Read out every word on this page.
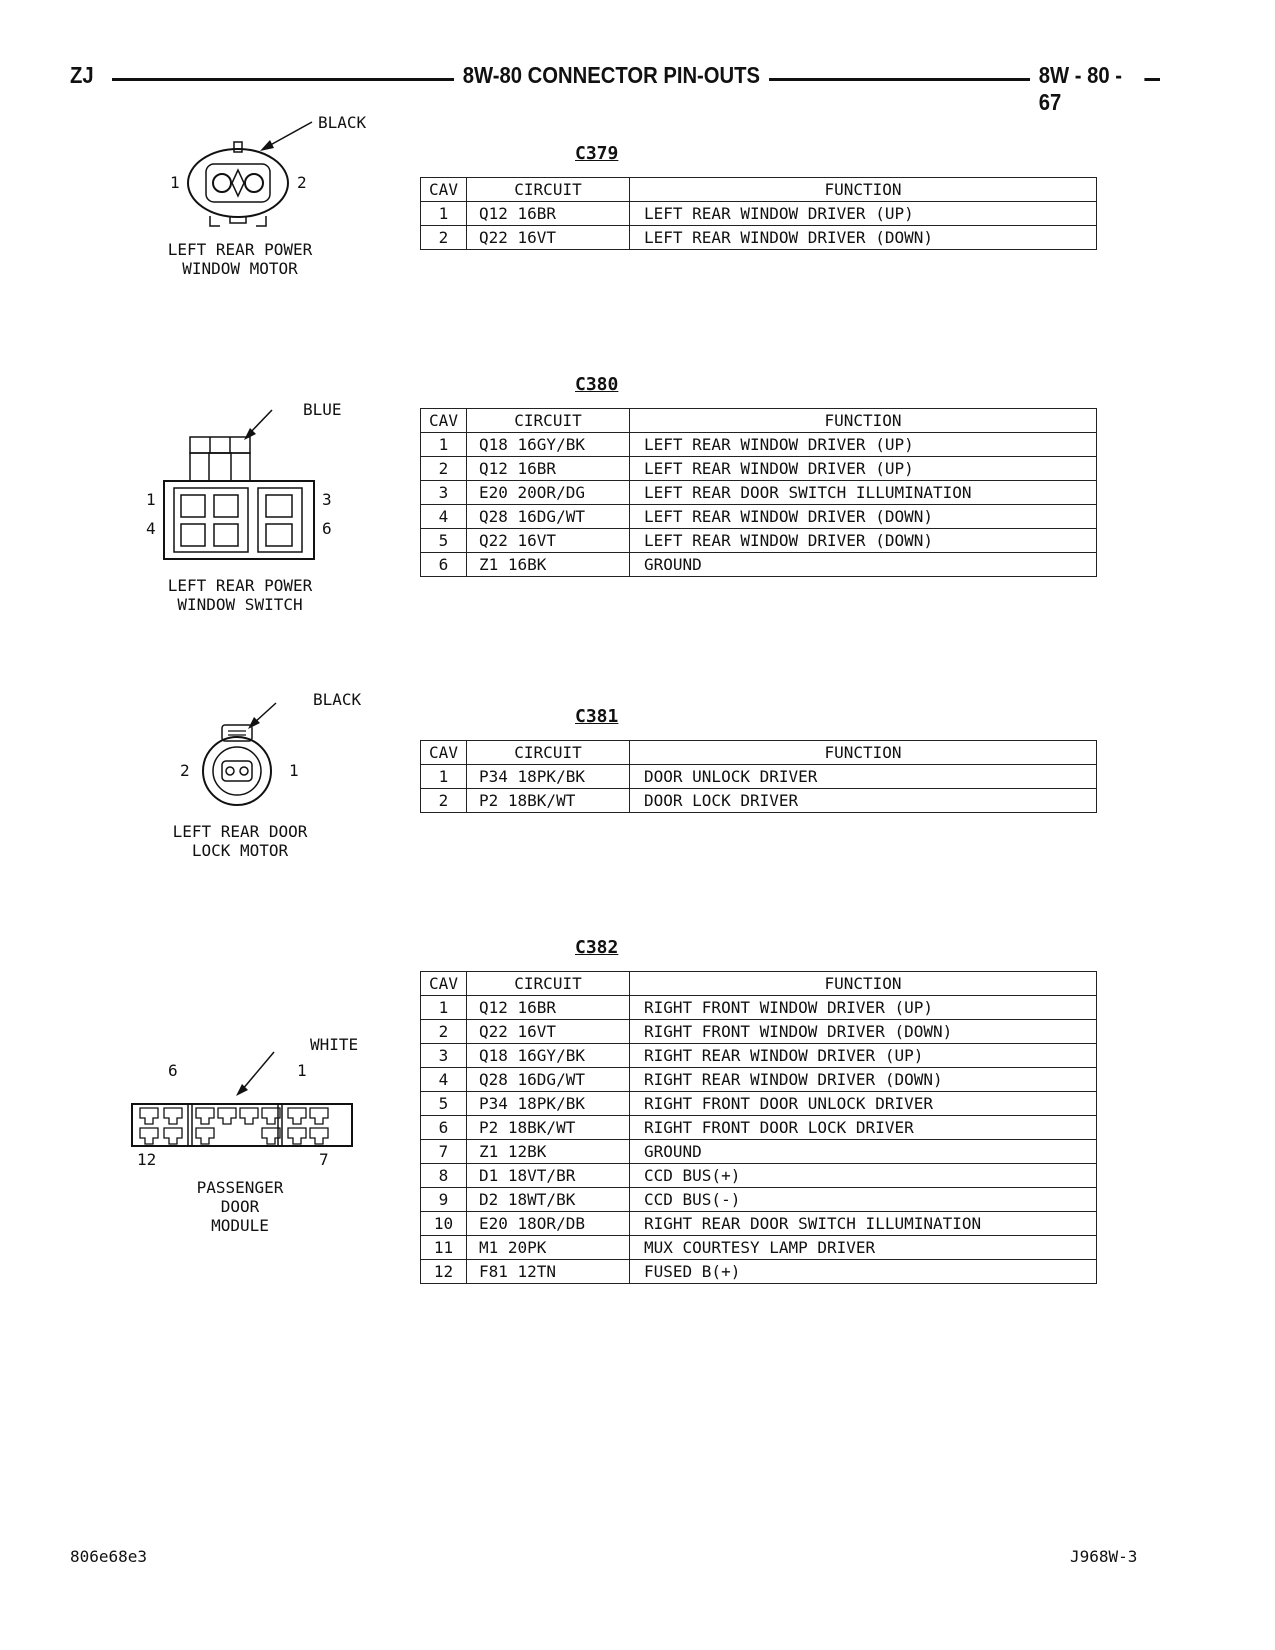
ZJ	8W-80 CONNECTOR PIN-OUTS	8W - 80 - 67
C379
CAV	CIRCUIT	FUNCTION
1	Q12 16BR	LEFT REAR WINDOW DRIVER (UP)
2	Q22 16VT	LEFT REAR WINDOW DRIVER (DOWN)
BLACK
1	2
LEFT REAR POWER
WINDOW MOTOR
C380
CAV	CIRCUIT	FUNCTION
1	Q18 16GY/BK	LEFT REAR WINDOW DRIVER (UP)
2	Q12 16BR	LEFT REAR WINDOW DRIVER (UP)
3	E20 20OR/DG	LEFT REAR DOOR SWITCH ILLUMINATION
4	Q28 16DG/WT	LEFT REAR WINDOW DRIVER (DOWN)
5	Q22 16VT	LEFT REAR WINDOW DRIVER (DOWN)
6	Z1 16BK	GROUND
BLUE
1	3
4	6
LEFT REAR POWER
WINDOW SWITCH
C381
CAV	CIRCUIT	FUNCTION
1	P34 18PK/BK	DOOR UNLOCK DRIVER
2	P2 18BK/WT	DOOR LOCK DRIVER
BLACK
2	1
LEFT REAR DOOR
LOCK MOTOR
C382
CAV	CIRCUIT	FUNCTION
1	Q12 16BR	RIGHT FRONT WINDOW DRIVER (UP)
2	Q22 16VT	RIGHT FRONT WINDOW DRIVER (DOWN)
3	Q18 16GY/BK	RIGHT REAR WINDOW DRIVER (UP)
4	Q28 16DG/WT	RIGHT REAR WINDOW DRIVER (DOWN)
5	P34 18PK/BK	RIGHT FRONT DOOR UNLOCK DRIVER
6	P2 18BK/WT	RIGHT FRONT DOOR LOCK DRIVER
7	Z1 12BK	GROUND
8	D1 18VT/BR	CCD BUS(+)
9	D2 18WT/BK	CCD BUS(-)
10	E20 18OR/DB	RIGHT REAR DOOR SWITCH ILLUMINATION
11	M1 20PK	MUX COURTESY LAMP DRIVER
12	F81 12TN	FUSED B(+)
WHITE
6	1
12	7
PASSENGER
DOOR
MODULE
806e68e3	J968W-3
